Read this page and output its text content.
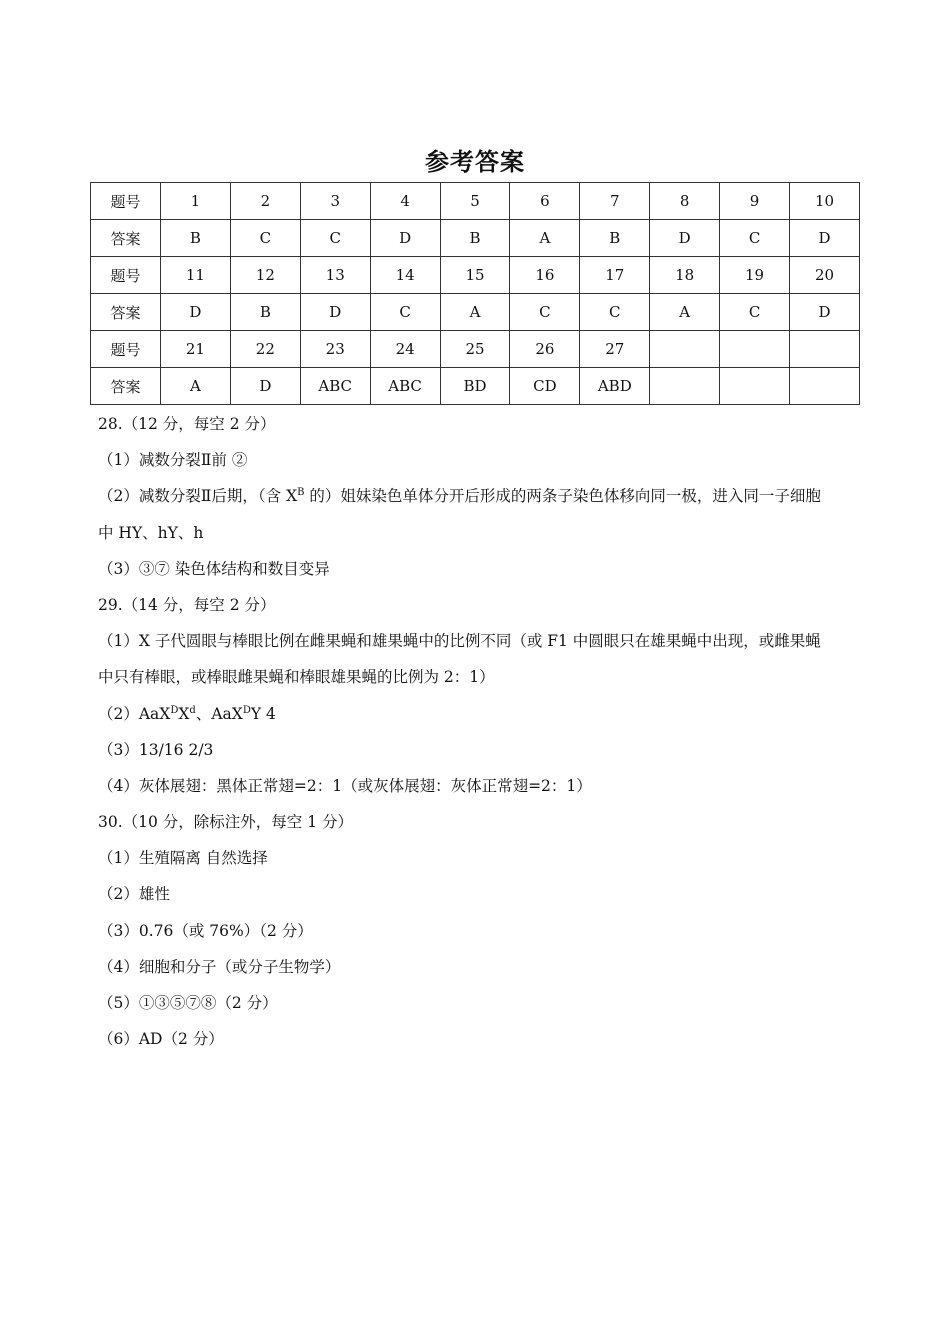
参考答案
题号	1	2	3	4	5	6	7	8	9	10
答案	B	C	C	D	B	A	B	D	C	D
题号	11	12	13	14	15	16	17	18	19	20
答案	D	B	D	C	A	C	C	A	C	D
题号	21	22	23	24	25	26	27			
答案	A	D	ABC	ABC	BD	CD	ABD			
28.（12 分，每空 2 分）
（1）减数分裂Ⅱ前 ②
（2）减数分裂Ⅱ后期，（含 $X^B$ 的）姐妹染色单体分开后形成的两条子染色体移向同一极，进入同一子细胞
中 HY、hY、h
（3）③⑦ 染色体结构和数目变异
29.（14 分，每空 2 分）
（1）X 子代圆眼与棒眼比例在雌果蝇和雄果蝇中的比例不同（或 F1 中圆眼只在雄果蝇中出现，或雌果蝇
中只有棒眼，或棒眼雌果蝇和棒眼雄果蝇的比例为 2：1）
$(2)AaX^DX^d$、AaX$^D$Y 4
（3）13/16 2/3
（4）灰体展翅：黑体正常翅=2：1（或灰体展翅：灰体正常翅=2：1）
30.（10 分，除标注外，每空 1 分）
（1）生殖隔离 自然选择
（2）雄性
（3）0.76（或 76%）（2 分）
（4）细胞和分子（或分子生物学）
（5）①③⑤⑦⑧（2 分）
（6）AD（2 分）
